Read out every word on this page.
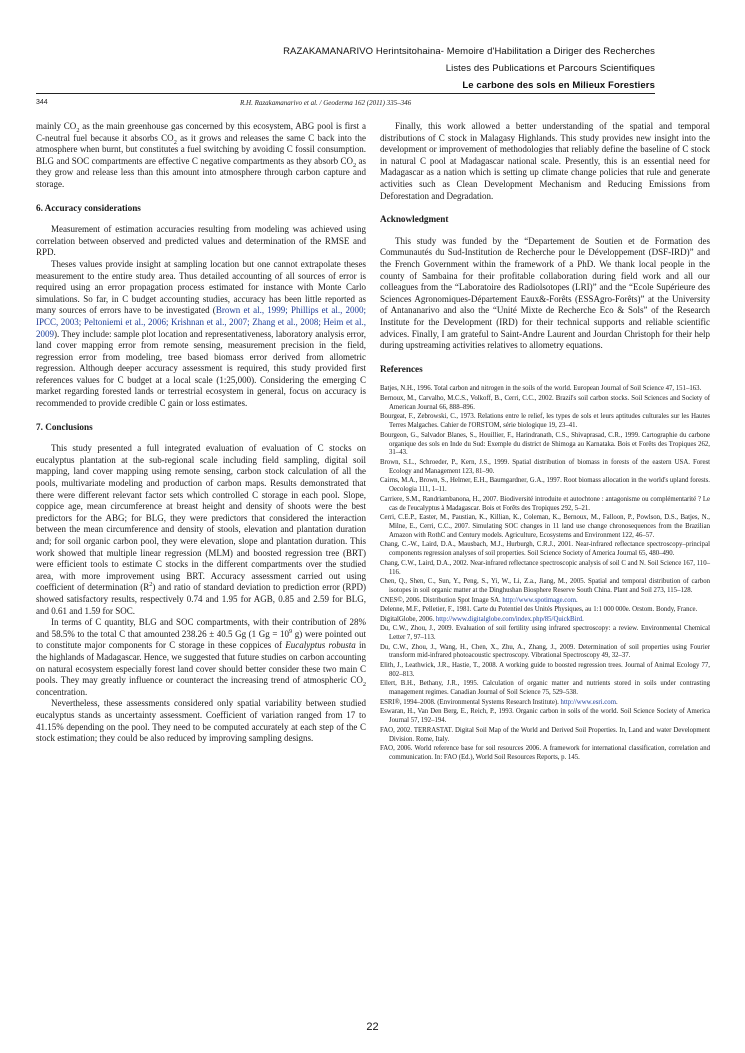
RAZAKAMANARIVO Herintsitohaina- Memoire d'Habilitation a Diriger des Recherches
Listes des Publications et Parcours Scientifiques
Le carbone des sols en Milieux Forestiers
344	R.H. Razakamanarivo et al. / Geoderma 162 (2011) 335–346

mainly $CO_2$ as the main greenhouse gas concerned by this ecosystem, ABG pool is first a C-neutral fuel because it absorbs $CO_2$ as it grows and releases the same C back into the atmosphere when burnt, but constitutes a fuel switching by avoiding C fossil consumption. BLG and SOC compartments are effective C negative compartments as they absorb $CO_2$ as they grow and release less than this amount into atmosphere through carbon capture and storage.

6. Accuracy considerations

Measurement of estimation accuracies resulting from modeling was achieved using correlation between observed and predicted values and determination of the RMSE and RPD.

Theses values provide insight at sampling location but one cannot extrapolate theses measurement to the entire study area. Thus detailed accounting of all sources of error is required using an error propagation process estimated for instance with Monte Carlo simulations. So far, in C budget accounting studies, accuracy has been little reported as many sources of errors have to be investigated (Brown et al., 1999; Phillips et al., 2000; IPCC, 2003; Peltoniemi et al., 2006; Krishnan et al., 2007; Zhang et al., 2008; Heim et al., 2009). They include: sample plot location and representativeness, laboratory analysis error, land cover mapping error from remote sensing, measurement precision in the field, regression error from modeling, tree based biomass error derived from allometric regression. Although deeper accuracy assessment is required, this study provided first references values for C budget at a local scale (1:25,000). Considering the emerging C market regarding forested lands or terrestrial ecosystem in general, focus on accuracy is recommended to provide credible C gain or loss estimates.

7. Conclusions

This study presented a full integrated evaluation of evaluation of C stocks on eucalyptus plantation at the sub-regional scale including field sampling, digital soil mapping, land cover mapping using remote sensing, carbon stock calculation of all the pools, multivariate modeling and production of carbon maps. Results demonstrated that there were different relevant factor sets which controlled C storage in each pool. Slope, coppice age, mean circumference at breast height and density of shoots were the best predictors for the ABG; for BLG, they were predictors that considered the interaction between the mean circumference and density of stools, elevation and plantation duration and; for soil organic carbon pool, they were elevation, slope and plantation duration. This work showed that multiple linear regression (MLM) and boosted regression tree (BRT) were efficient tools to estimate C stocks in the different compartments over the studied area, with more improvement using BRT. Accuracy assessment carried out using coefficient of determination $(R^2)$ and ratio of standard deviation to prediction error (RPD) showed satisfactory results, respectively 0.74 and 1.95 for AGB, 0.85 and 2.59 for BLG, and 0.61 and 1.59 for SOC.

In terms of C quantity, BLG and SOC compartments, with their contribution of 28% and 58.5% to the total C that amounted 238.26 ± 40.5 Gg (1 $Gg = 10^9$ g) were pointed out to constitute major components for C storage in these coppices of Eucalyptus robusta in the highlands of Madagascar. Hence, we suggested that future studies on carbon accounting on natural ecosystem especially forest land cover should better consider these two main C pools. They may greatly influence or counteract the increasing trend of atmospheric $CO_2$ concentration.

Nevertheless, these assessments considered only spatial variability between studied eucalyptus stands as uncertainty assessment. Coefficient of variation ranged from 17 to 41.15% depending on the pool. They need to be computed accurately at each step of the C stock estimation; they could be also reduced by improving sampling designs.

Finally, this work allowed a better understanding of the spatial and temporal distributions of C stock in Malagasy Highlands. This study provides new insight into the development or improvement of methodologies that reliably define the baseline of C stock in natural C pool at Madagascar national scale. Presently, this is an essential need for Madagascar as a nation which is setting up climate change policies that rule and generate activities such as Clean Development Mechanism and Reducing Emissions from Deforestation and Degradation.

Acknowledgment

This study was funded by the “Departement de Soutien et de Formation des Communautés du Sud-Institution de Recherche pour le Développement (DSF-IRD)” and the French Government within the framework of a PhD. We thank local people in the county of Sambaina for their profitable collaboration during field work and all our colleagues from the “Laboratoire des Radiolsotopes (LRI)” and the “Ecole Supérieure des Sciences Agronomiques-Département Eaux&-Forêts (ESSAgro-Forêts)” at the University of Antananarivo and also the “Unité Mixte de Recherche Eco & Sols” of the Research Institute for the Development (IRD) for their technical supports and reliable scientific advices. Finally, I am grateful to Saint-Andre Laurent and Jourdan Christoph for their help during upstreaming activities relatives to allometry equations.

References
Batjes, N.H., 1996. Total carbon and nitrogen in the soils of the world. European Journal of Soil Science 47, 151–163.
Bernoux, M., Carvalho, M.C.S., Volkoff, B., Cerri, C.C., 2002. Brazil's soil carbon stocks. Soil Sciences and Society of American Journal 66, 888–896.
Bourgeat, F., Zebrowski, C., 1973. Relations entre le relief, les types de sols et leurs aptitudes culturales sur les Hautes Terres Malgaches. Cahier de l'ORSTOM, série biologique 19, 23–41.
Bourgeon, G., Salvador Blanes, S., Houillier, F., Harindranath, C.S., Shivaprasad, C.R., 1999. Cartographie du carbone organique des sols en Inde du Sud: Exemple du district de Shimoga au Karnataka. Bois et Forêts des Tropiques 262, 31–43.
Brown, S.L., Schroeder, P., Kern, J.S., 1999. Spatial distribution of biomass in forests of the eastern USA. Forest Ecology and Management 123, 81–90.
Cairns, M.A., Brown, S., Helmer, E.H., Baumgardner, G.A., 1997. Root biomass allocation in the world's upland forests. Oecologia 111, 1–11.
Carriere, S.M., Randriambanona, H., 2007. Biodiversité introduite et autochtone : antagonisme ou complémentarité ? Le cas de l'eucalyptus à Madagascar. Bois et Forêts des Tropiques 292, 5–21.
Cerri, C.E.P., Easter, M., Paustian, K., Killian, K., Coleman, K., Bernoux, M., Falloon, P., Powlson, D.S., Batjes, N., Milne, E., Cerri, C.C., 2007. Simulating SOC changes in 11 land use change chronosequences from the Brazilian Amazon with RothC and Century models. Agriculture, Ecosystems and Environment 122, 46–57.
Chang, C.-W., Laird, D.A., Mausbach, M.J., Hurburgh, C.R.J., 2001. Near-infrared reflectance spectroscopy–principal components regression analyses of soil properties. Soil Science Society of America Journal 65, 480–490.
Chang, C.W., Laird, D.A., 2002. Near-infrared reflectance spectroscopic analysis of soil C and N. Soil Science 167, 110–116.
Chen, Q., Shen, C., Sun, Y., Peng, S., Yi, W., Li, Z.a., Jiang, M., 2005. Spatial and temporal distribution of carbon isotopes in soil organic matter at the Dinghushan Biosphere Reserve South China. Plant and Soil 273, 115–128.
CNES©, 2006. Distribution Spot Image SA. http://www.spotimage.com.
Delenne, M.F., Pelletier, F., 1981. Carte du Potentiel des Unités Physiques, au 1:1 000 000e. Orstom. Bondy, France.
DigitalGlobe, 2006. http://www.digitalglobe.com/index.php/85/QuickBird.
Du, C.W., Zhou, J., 2009. Evaluation of soil fertility using infrared spectroscopy: a review. Environmental Chemical Letter 7, 97–113.
Du, C.W., Zhou, J., Wang, H., Chen, X., Zhu, A., Zhang, J., 2009. Determination of soil properties using Fourier transform mid-infrared photoacoustic spectroscopy. Vibrational Spectroscopy 49, 32–37.
Elith, J., Leathwick, J.R., Hastie, T., 2008. A working guide to boosted regression trees. Journal of Animal Ecology 77, 802–813.
Ellert, B.H., Bethany, J.R., 1995. Calculation of organic matter and nutrients stored in soils under contrasting management regimes. Canadian Journal of Soil Science 75, 529–538.
ESRI®, 1994–2008. (Environmental Systems Research Institute). http://www.esri.com.
Eswaran, H., Van Den Berg, E., Reich, P., 1993. Organic carbon in soils of the world. Soil Science Society of America Journal 57, 192–194.
FAO, 2002. TERRASTAT. Digital Soil Map of the World and Derived Soil Properties. In, Land and water Development Division. Rome, Italy.
FAO, 2006. World reference base for soil resources 2006. A framework for international classification, correlation and communication. In: FAO (Ed.), World Soil Resources Reports, p. 145.
22
